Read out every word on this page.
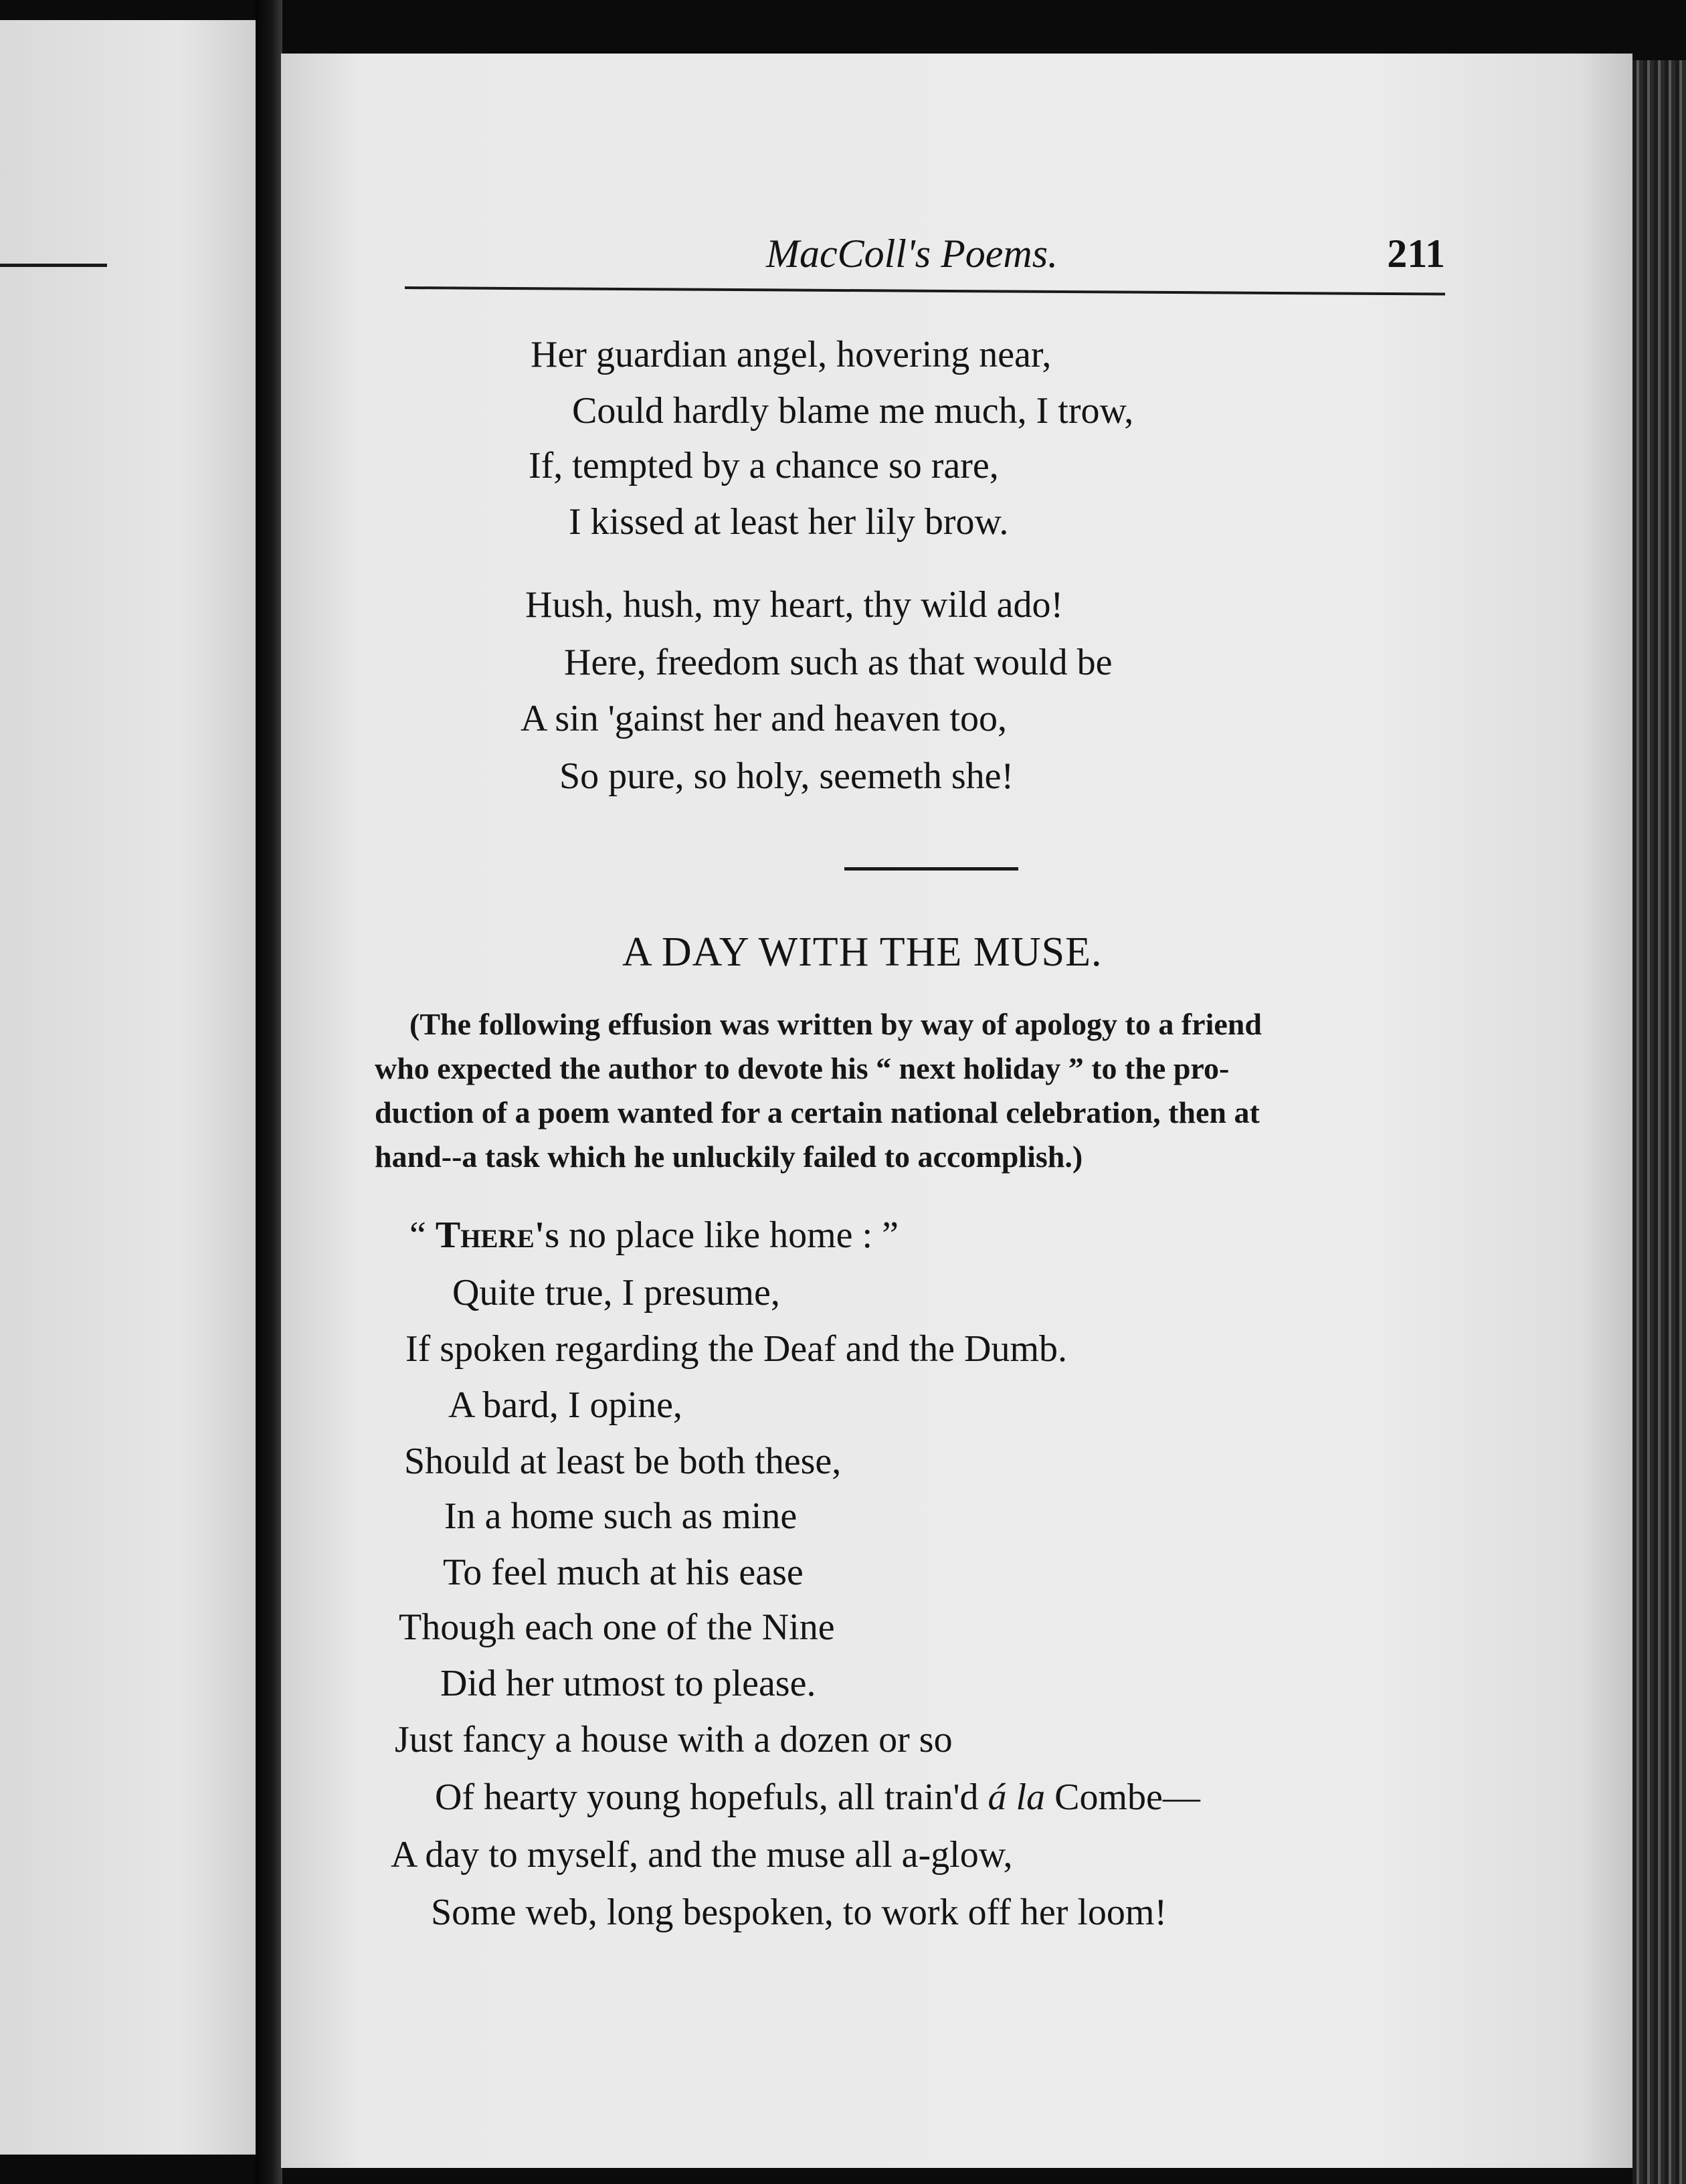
MacColl's Poems.	211
Her guardian angel, hovering near,
Could hardly blame me much, I trow,
If, tempted by a chance so rare,
I kissed at least her lily brow.
Hush, hush, my heart, thy wild ado!
Here, freedom such as that would be
A sin 'gainst her and heaven too,
So pure, so holy, seemeth she!
A DAY WITH THE MUSE.
(The following effusion was written by way of apology to a friend
who expected the author to devote his “ next holiday ” to the pro-
duction of a poem wanted for a certain national celebration, then at
hand--a task which he unluckily failed to accomplish.)
“ There's no place like home : ”
Quite true, I presume,
If spoken regarding the Deaf and the Dumb.
A bard, I opine,
Should at least be both these,
In a home such as mine
To feel much at his ease
Though each one of the Nine
Did her utmost to please.
Just fancy a house with a dozen or so
Of hearty young hopefuls, all train'd á la Combe—
A day to myself, and the muse all a-glow,
Some web, long bespoken, to work off her loom!
